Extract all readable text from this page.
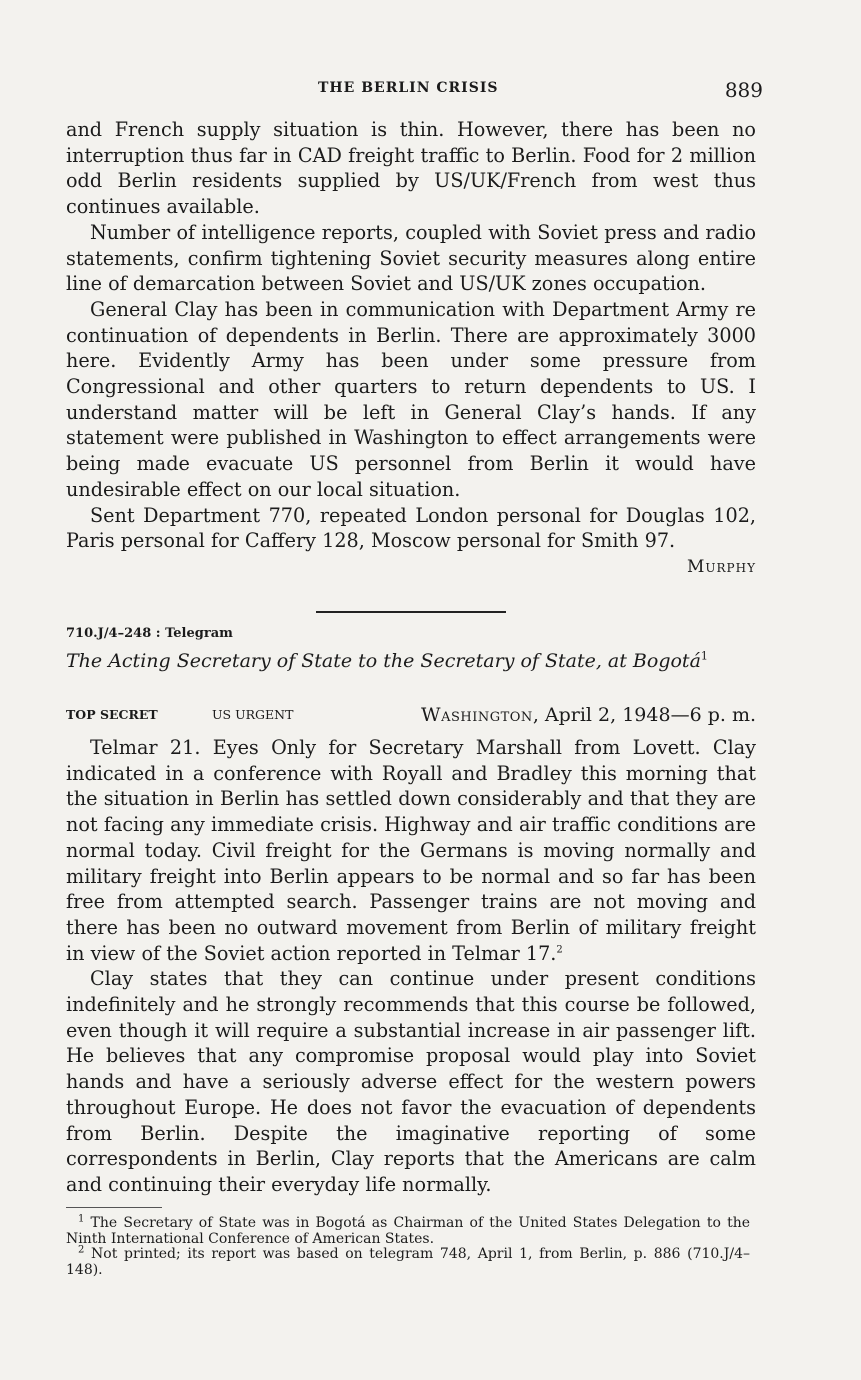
THE BERLIN CRISIS	889

and French supply situation is thin. However, there has been no interruption thus far in CAD freight traffic to Berlin. Food for 2 million odd Berlin residents supplied by US/UK/French from west thus continues available.

Number of intelligence reports, coupled with Soviet press and radio statements, confirm tightening Soviet security measures along entire line of demarcation between Soviet and US/UK zones occupation.

General Clay has been in communication with Department Army re continuation of dependents in Berlin. There are approximately 3000 here. Evidently Army has been under some pressure from Congressional and other quarters to return dependents to US. I understand matter will be left in General Clay’s hands. If any statement were published in Washington to effect arrangements were being made evacuate US personnel from Berlin it would have undesirable effect on our local situation.

Sent Department 770, repeated London personal for Douglas 102, Paris personal for Caffery 128, Moscow personal for Smith 97.

Murphy

710.J/4–248 : Telegram
The Acting Secretary of State to the Secretary of State, at Bogotá$^1$
TOP SECRET	US URGENT	Washington, April 2, 1948—6 p. m.

Telmar 21. Eyes Only for Secretary Marshall from Lovett. Clay indicated in a conference with Royall and Bradley this morning that the situation in Berlin has settled down considerably and that they are not facing any immediate crisis. Highway and air traffic conditions are normal today. Civil freight for the Germans is moving normally and military freight into Berlin appears to be normal and so far has been free from attempted search. Passenger trains are not moving and there has been no outward movement from Berlin of military freight in view of the Soviet action reported in Telmar 17.$^2$

Clay states that they can continue under present conditions indefinitely and he strongly recommends that this course be followed, even though it will require a substantial increase in air passenger lift. He believes that any compromise proposal would play into Soviet hands and have a seriously adverse effect for the western powers throughout Europe. He does not favor the evacuation of dependents from Berlin. Despite the imaginative reporting of some correspondents in Berlin, Clay reports that the Americans are calm and continuing their everyday life normally.

$^1$ The Secretary of State was in Bogotá as Chairman of the United States Delegation to the Ninth International Conference of American States.

$^2$ Not printed; its report was based on telegram 748, April 1, from Berlin, p. 886 (710.J/4–148).
